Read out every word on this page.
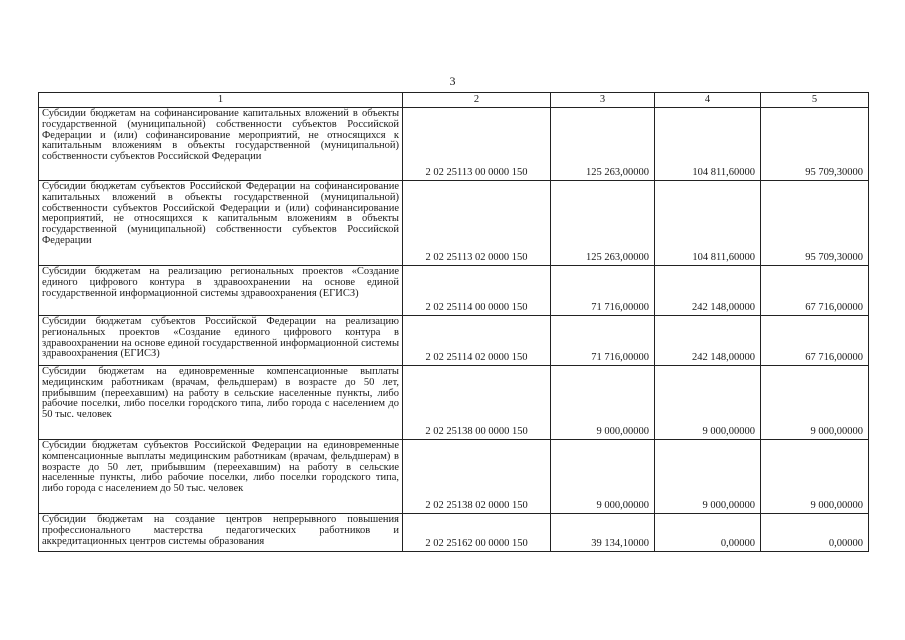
3
1	2	3	4	5
Субсидии бюджетам на софинансирование капитальных вложений в объекты государственной (муниципальной) собственности субъектов Российской Федерации и (или) софинансирование мероприятий, не относящихся к капитальным вложениям в объекты государственной (муниципальной) собственности субъектов Российской Федерации	2 02 25113 00 0000 150	125 263,00000	104 811,60000	95 709,30000
Субсидии бюджетам субъектов Российской Федерации на софинансирование капитальных вложений в объекты государственной (муниципальной) собственности субъектов Российской Федерации и (или) софинансирование мероприятий, не относящихся к капитальным вложениям в объекты государственной (муниципальной) собственности субъектов Российской Федерации	2 02 25113 02 0000 150	125 263,00000	104 811,60000	95 709,30000
Субсидии бюджетам на реализацию региональных проектов «Создание единого цифрового контура в здравоохранении на основе единой государственной информационной системы здравоохранения (ЕГИСЗ)	2 02 25114 00 0000 150	71 716,00000	242 148,00000	67 716,00000
Субсидии бюджетам субъектов Российской Федерации на реализацию региональных проектов «Создание единого цифрового контура в здравоохранении на основе единой государственной информационной системы здравоохранения (ЕГИСЗ)	2 02 25114 02 0000 150	71 716,00000	242 148,00000	67 716,00000
Субсидии бюджетам на единовременные компенсационные выплаты медицинским работникам (врачам, фельдшерам) в возрасте до 50 лет, прибывшим (переехавшим) на работу в сельские населенные пункты, либо рабочие поселки, либо поселки городского типа, либо города с населением до 50 тыс. человек	2 02 25138 00 0000 150	9 000,00000	9 000,00000	9 000,00000
Субсидии бюджетам субъектов Российской Федерации на единовременные компенсационные выплаты медицинским работникам (врачам, фельдшерам) в возрасте до 50 лет, прибывшим (переехавшим) на работу в сельские населенные пункты, либо рабочие поселки, либо поселки городского типа, либо города с населением до 50 тыс. человек	2 02 25138 02 0000 150	9 000,00000	9 000,00000	9 000,00000
Субсидии бюджетам на создание центров непрерывного повышения профессионального мастерства педагогических работников и аккредитационных центров системы образования	2 02 25162 00 0000 150	39 134,10000	0,00000	0,00000
